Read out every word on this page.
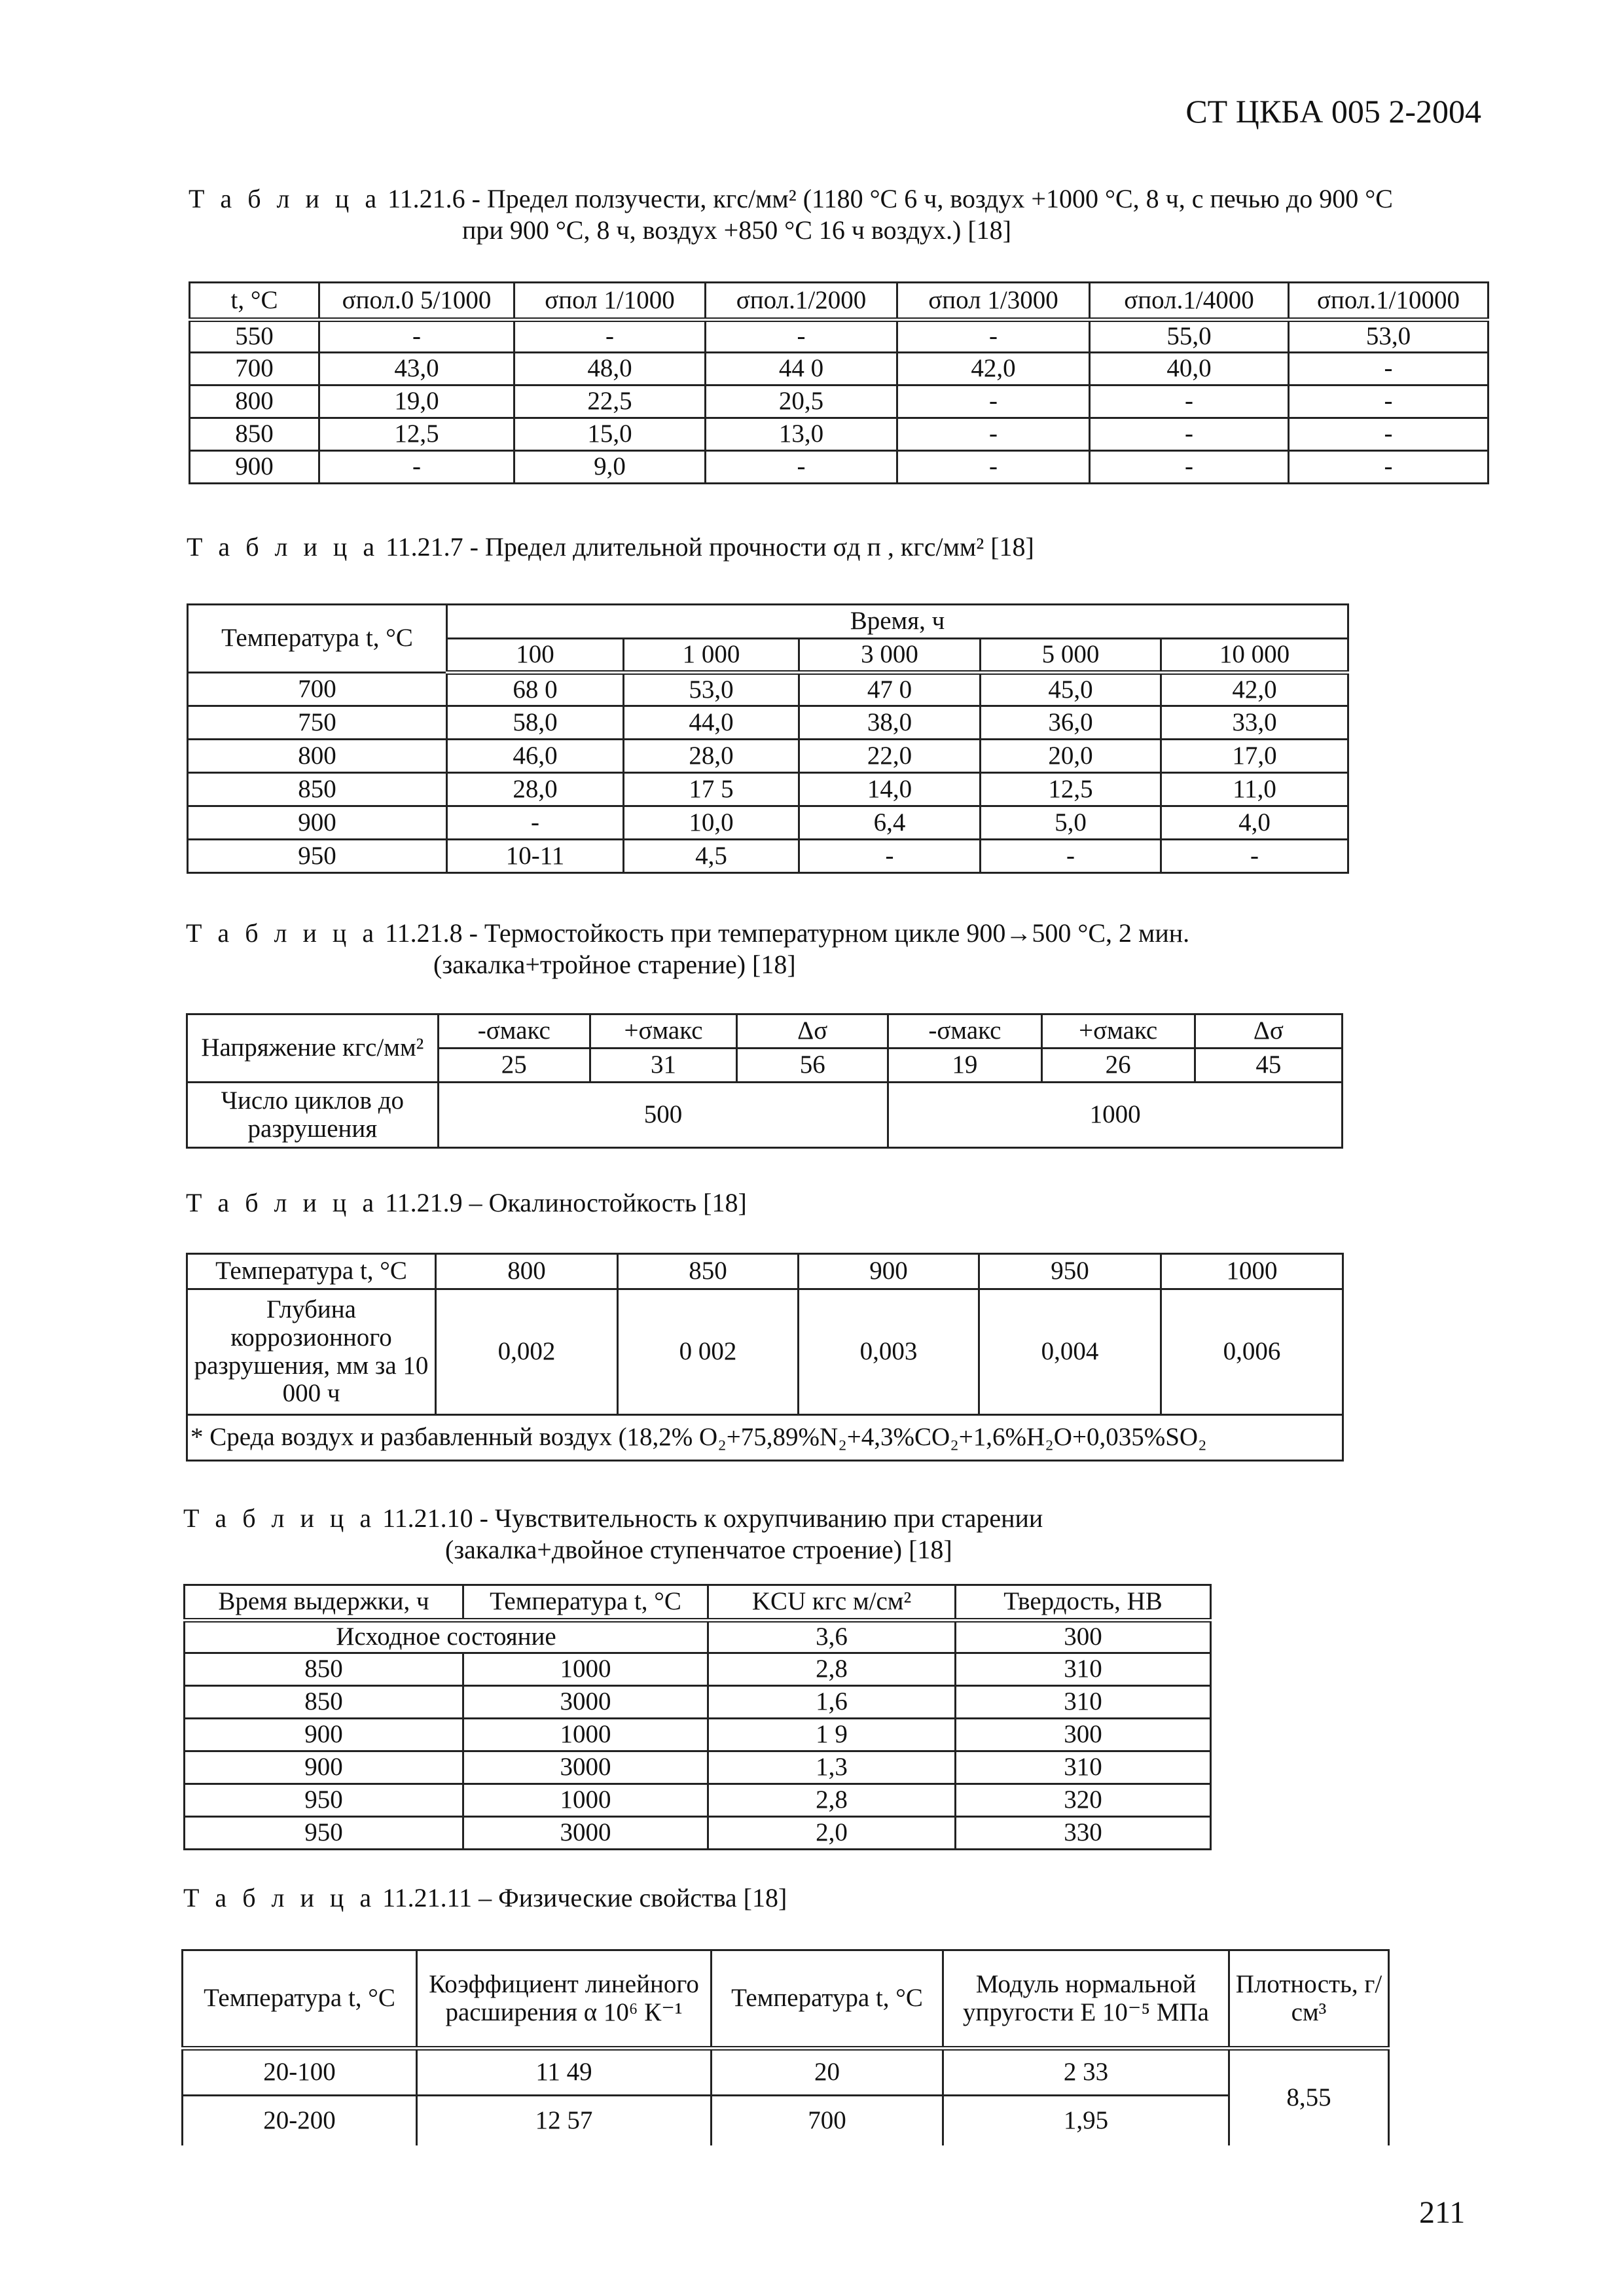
СТ ЦКБА 005 2-2004
Т а б л и ц а 11.21.6 - Предел ползучести, кгс/мм² (1180 °С 6 ч, воздух +1000 °С, 8 ч, с печью до 900 °С
при 900 °С, 8 ч, воздух +850 °С 16 ч воздух.) [18]
t, °С	σпол.0 5/1000	σпол 1/1000	σпол.1/2000	σпол 1/3000	σпол.1/4000	σпол.1/10000
550	-	-	-	-	55,0	53,0
700	43,0	48,0	44 0	42,0	40,0	-
800	19,0	22,5	20,5	-	-	-
850	12,5	15,0	13,0	-	-	-
900	-	9,0	-	-	-	-
Т а б л и ц а 11.21.7 - Предел длительной прочности σд п , кгс/мм² [18]
Температура t, °С	Время, ч				
	100	1 000	3 000	5 000	10 000
700	68 0	53,0	47 0	45,0	42,0
750	58,0	44,0	38,0	36,0	33,0
800	46,0	28,0	22,0	20,0	17,0
850	28,0	17 5	14,0	12,5	11,0
900	-	10,0	6,4	5,0	4,0
950	10-11	4,5	-	-	-
Т а б л и ц а 11.21.8 - Термостойкость при температурном цикле 900→500 °С, 2 мин.
(закалка+тройное старение) [18]
Напряжение кгс/мм²	-σмакс	+σмакс	Δσ	-σмакс	+σмакс	Δσ
	25	31	56	19	26	45
Число циклов до разрушения	500			1000		
Т а б л и ц а 11.21.9 – Окалиностойкость [18]
Температура t, °С	800	850	900	950	1000
Глубина коррозионного разрушения, мм за 10 000 ч	0,002	0 002	0,003	0,004	0,006
* Среда воздух и разбавленный воздух (18,2% O₂+75,89%N₂+4,3%CO₂+1,6%H₂O+0,035%SO₂					
Т а б л и ц а 11.21.10 - Чувствительность к охрупчиванию при старении
(закалка+двойное ступенчатое строение) [18]
Время выдержки, ч	Температура t, °С	KCU кгс м/см²	Твердость, НВ
Исходное состояние		3,6	300
850	1000	2,8	310
850	3000	1,6	310
900	1000	1 9	300
900	3000	1,3	310
950	1000	2,8	320
950	3000	2,0	330
Т а б л и ц а 11.21.11 – Физические свойства [18]
Температура t, °С	Коэффициент линейного расширения α 10⁶ К⁻¹	Температура t, °С	Модуль нормальной упругости Е 10⁻⁵ МПа	Плотность, г/см³
20-100	11 49	20	2 33	8,55
20-200	12 57	700	1,95	
211
